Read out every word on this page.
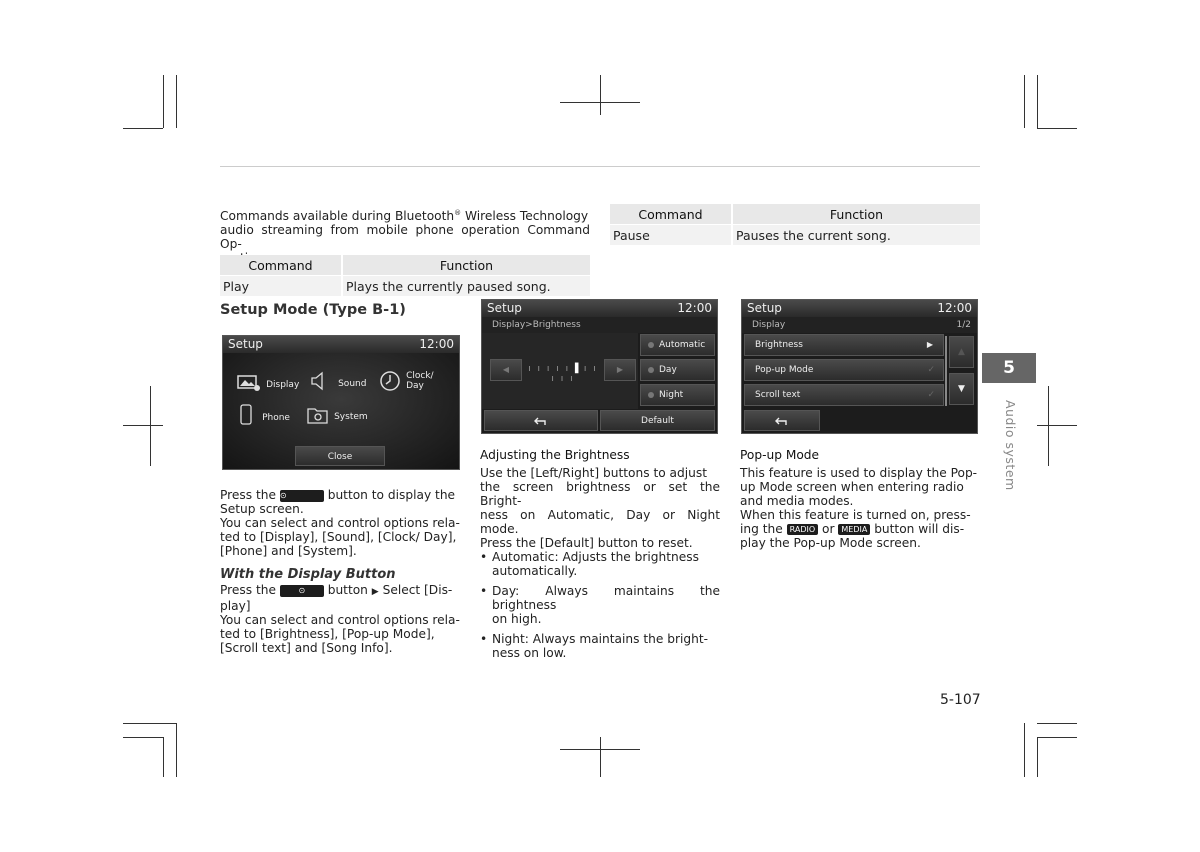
Commands available during Bluetooth® Wireless Technology
audio streaming from mobile phone operation Command Op-
Command	Function
Play	Plays the currently paused song.
Command	Function
Pause	Pauses the current song.
Setup Mode (Type B-1)
Setup	12:00
Display	Sound
Clock/
Day
Phone	System
Close
Press the ⊙	button to display the
Setup screen.
You can select and control options rela-
ted to [Display], [Sound], [Clock/ Day],
[Phone] and [System].
With the Display Button
Press the	⊙ button ▶ Select [Dis-
play]
You can select and control options rela-
ted to [Brightness], [Pop-up Mode],
[Scroll text] and [Song Info].
Setup	12:00
Display>Brightness
◀	ı ı ı ı ı ▌ı ı ı ı ı
▶
Automatic
Day
Night
Default
Adjusting the Brightness
Use the [Left/Right] buttons to adjust
the screen brightness or set the Bright-
ness on Automatic, Day or Night mode.
Press the [Default] button to reset.
• Automatic: Adjusts the brightness
automatically.
• Day: Always maintains the brightness
on high.
• Night: Always maintains the bright-
ness on low.
Setup	12:00
Display	1/2
Brightness	▶
Pop-up Mode	✓
Scroll text	✓
▲
▼
Pop-up Mode
This feature is used to display the Pop-
up Mode screen when entering radio
and media modes.
When this feature is turned on, press-
ing the RADIO or MEDIA button will dis-
play the Pop-up Mode screen.
5
Audio system
5-107
